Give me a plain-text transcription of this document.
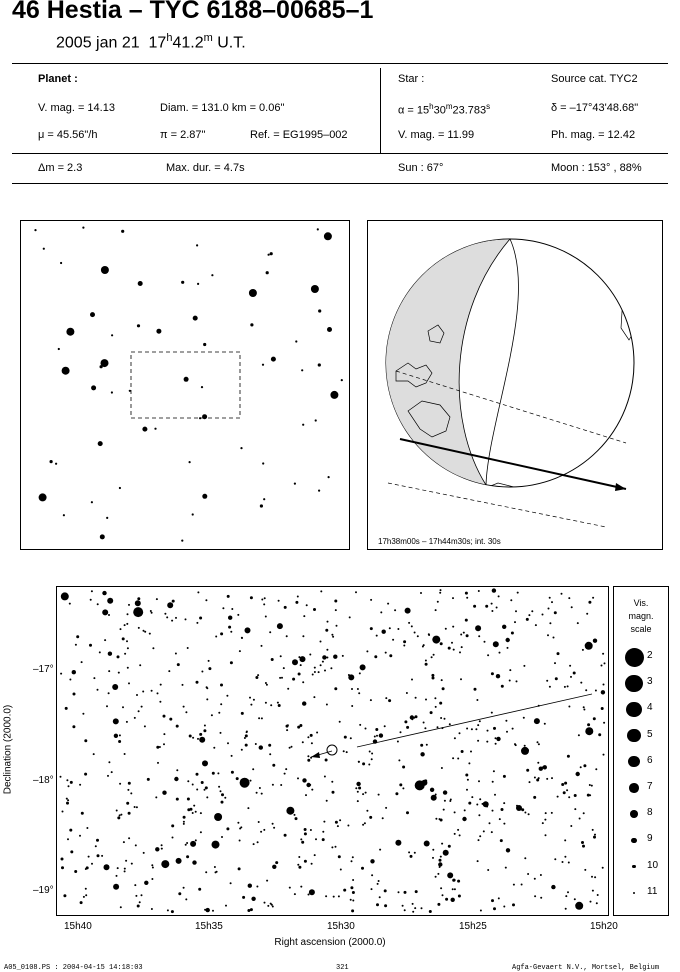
46 Hestia – TYC 6188–00685–1
2005 jan 21 17$^h$41.2$^m$ U.T.
Planet :
V. mag. = 14.13	Diam. = 131.0 km = 0.06"
μ = 45.56"/h	π = 2.87"	Ref. = EG1995–002
Δm = 2.3	Max. dur. = 4.7s
Star :	Source cat. TYC2
$\alpha = 15^h30^m23.783^s$	δ = –17°43'48.68"
V. mag. = 11.99	Ph. mag. = 12.42
Sun : 67°	Moon : 153° , 88%
17h38m00s – 17h44m30s; int. 30s
–17°
–18°
–19°
Declination (2000.0)
15h40	15h35	15h30	15h25	15h20
Right ascension (2000.0)
Vis.
magn.
scale
2
3
4
5
6
7
8
9
10
11
A05_0108.PS : 2004-04-15 14:18:03	321	Agfa-Gevaert N.V., Mortsel, Belgium
